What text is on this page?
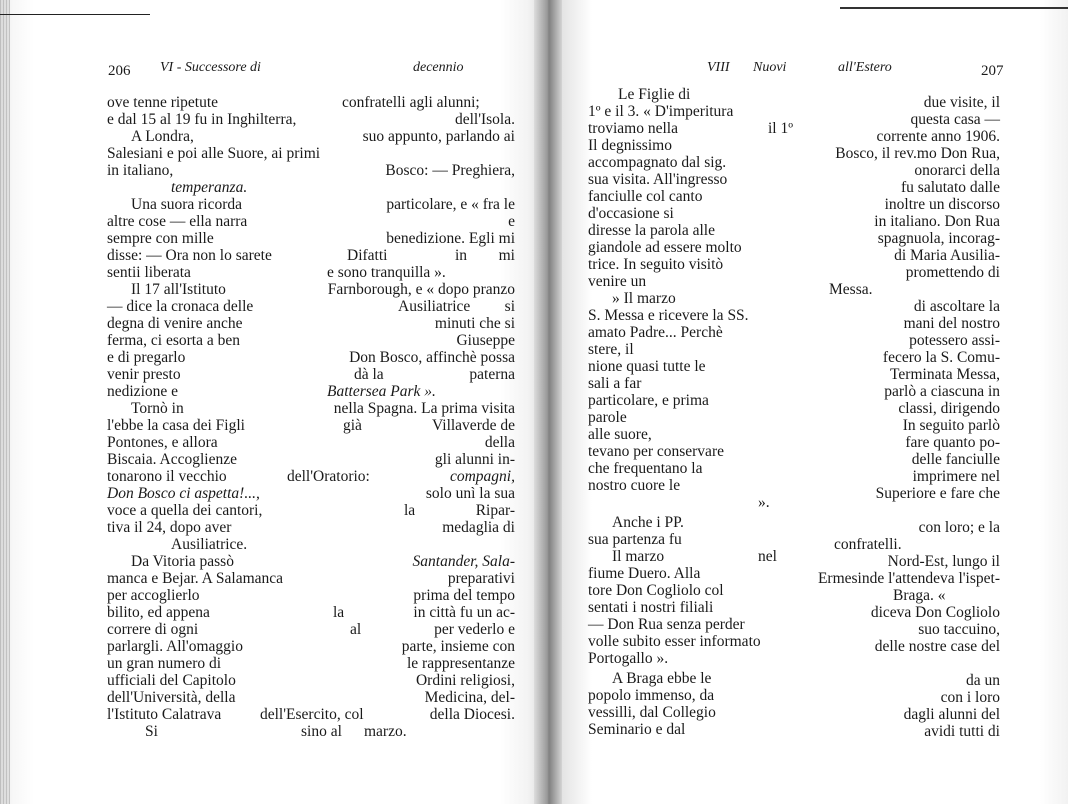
206 VI - Successore di	decennio	VIII Nuovi	all'Estero	207
ove tenne ripetute
e dal 15 al 19 fu in Inghilterra,
A Londra,
Salesiani e poi alle Suore, ai primi
in italiano,
temperanza.
Una suora ricorda
altre cose — ella narra
sempre con mille
disse: — Ora non lo sarete
sentii liberata
Il 17 all'Istituto
— dice la cronaca delle
degna di venire anche
ferma, ci esorta a ben
e di pregarlo
venir presto
nedizione e
Tornò in
l'ebbe la casa dei Figli
Pontones, e allora
Biscaia. Accoglienze
tonarono il vecchio
Don Bosco ci aspetta!...,
voce a quella dei cantori,
tiva il 24, dopo aver
Ausiliatrice.
Da Vitoria passò
manca e Bejar. A Salamanca
per accoglierlo
bilito, ed appena
correre di ogni
parlargli. All'omaggio
un gran numero di
ufficiali del Capitolo
dell'Università, della
l'Istituto Calatrava
Si
confratelli agli alunni;
dell'Isola.
suo appunto, parlando ai
Bosco: — Preghiera,
particolare, e « fra le
e
benedizione. Egli mi
Difatti	in	mi
e sono tranquilla ».
Farnborough, e « dopo pranzo
Ausiliatrice	si
minuti che si
Giuseppe
Don Bosco, affinchè possa
dà la	paterna
Battersea Park ».
nella Spagna. La prima visita
già	Villaverde de
della
gli alunni in-
dell'Oratorio:	compagni,
solo unì la sua
la	Ripar-
medaglia di
Santander, Sala-
preparativi
prima del tempo
la	in città fu un ac-
al	per vederlo e
parte, insieme con
le rappresentanze
Ordini religiosi,
Medicina, del-
della Diocesi.
dell'Esercito, col
sino al marzo.
Le Figlie di
1º e il 3. « D'imperitura
troviamo nella	il 1º
Il degnissimo
accompagnato dal sig.
sua visita. All'ingresso
fanciulle col canto
d'occasione si
diresse la parola alle
giandole ad essere molto
trice. In seguito visitò
venire un
» Il marzo
S. Messa e ricevere la SS.
amato Padre... Perchè
stere, il
nione quasi tutte le
sali a far
particolare, e prima
parole
alle suore,
tevano per conservare
che frequentano la
nostro cuore le
».
Anche i PP.
sua partenza fu
Il marzo	nel
fiume Duero. Alla
tore Don Cogliolo col
sentati i nostri filiali
— Don Rua senza perder
volle subito esser informato
Portogallo ».
A Braga ebbe le
popolo immenso, da
vessilli, dal Collegio
Seminario e dal
due visite, il
questa casa —
corrente anno 1906.
Bosco, il rev.mo Don Rua,
onorarci della
fu salutato dalle
inoltre un discorso
in italiano. Don Rua
spagnuola, incorag-
di Maria Ausilia-
promettendo di
Messa.
di ascoltare la
mani del nostro
potessero assi-
fecero la S. Comu-
Terminata Messa,
parlò a ciascuna in
classi, dirigendo
In seguito parlò
fare quanto po-
delle fanciulle
imprimere nel
Superiore e fare che
con loro; e la
confratelli.
Nord-Est, lungo il
Ermesinde l'attendeva l'ispet-
Braga. «
diceva Don Cogliolo
suo taccuino,
delle nostre case del
da un
con i loro
dagli alunni del
avidi tutti di
